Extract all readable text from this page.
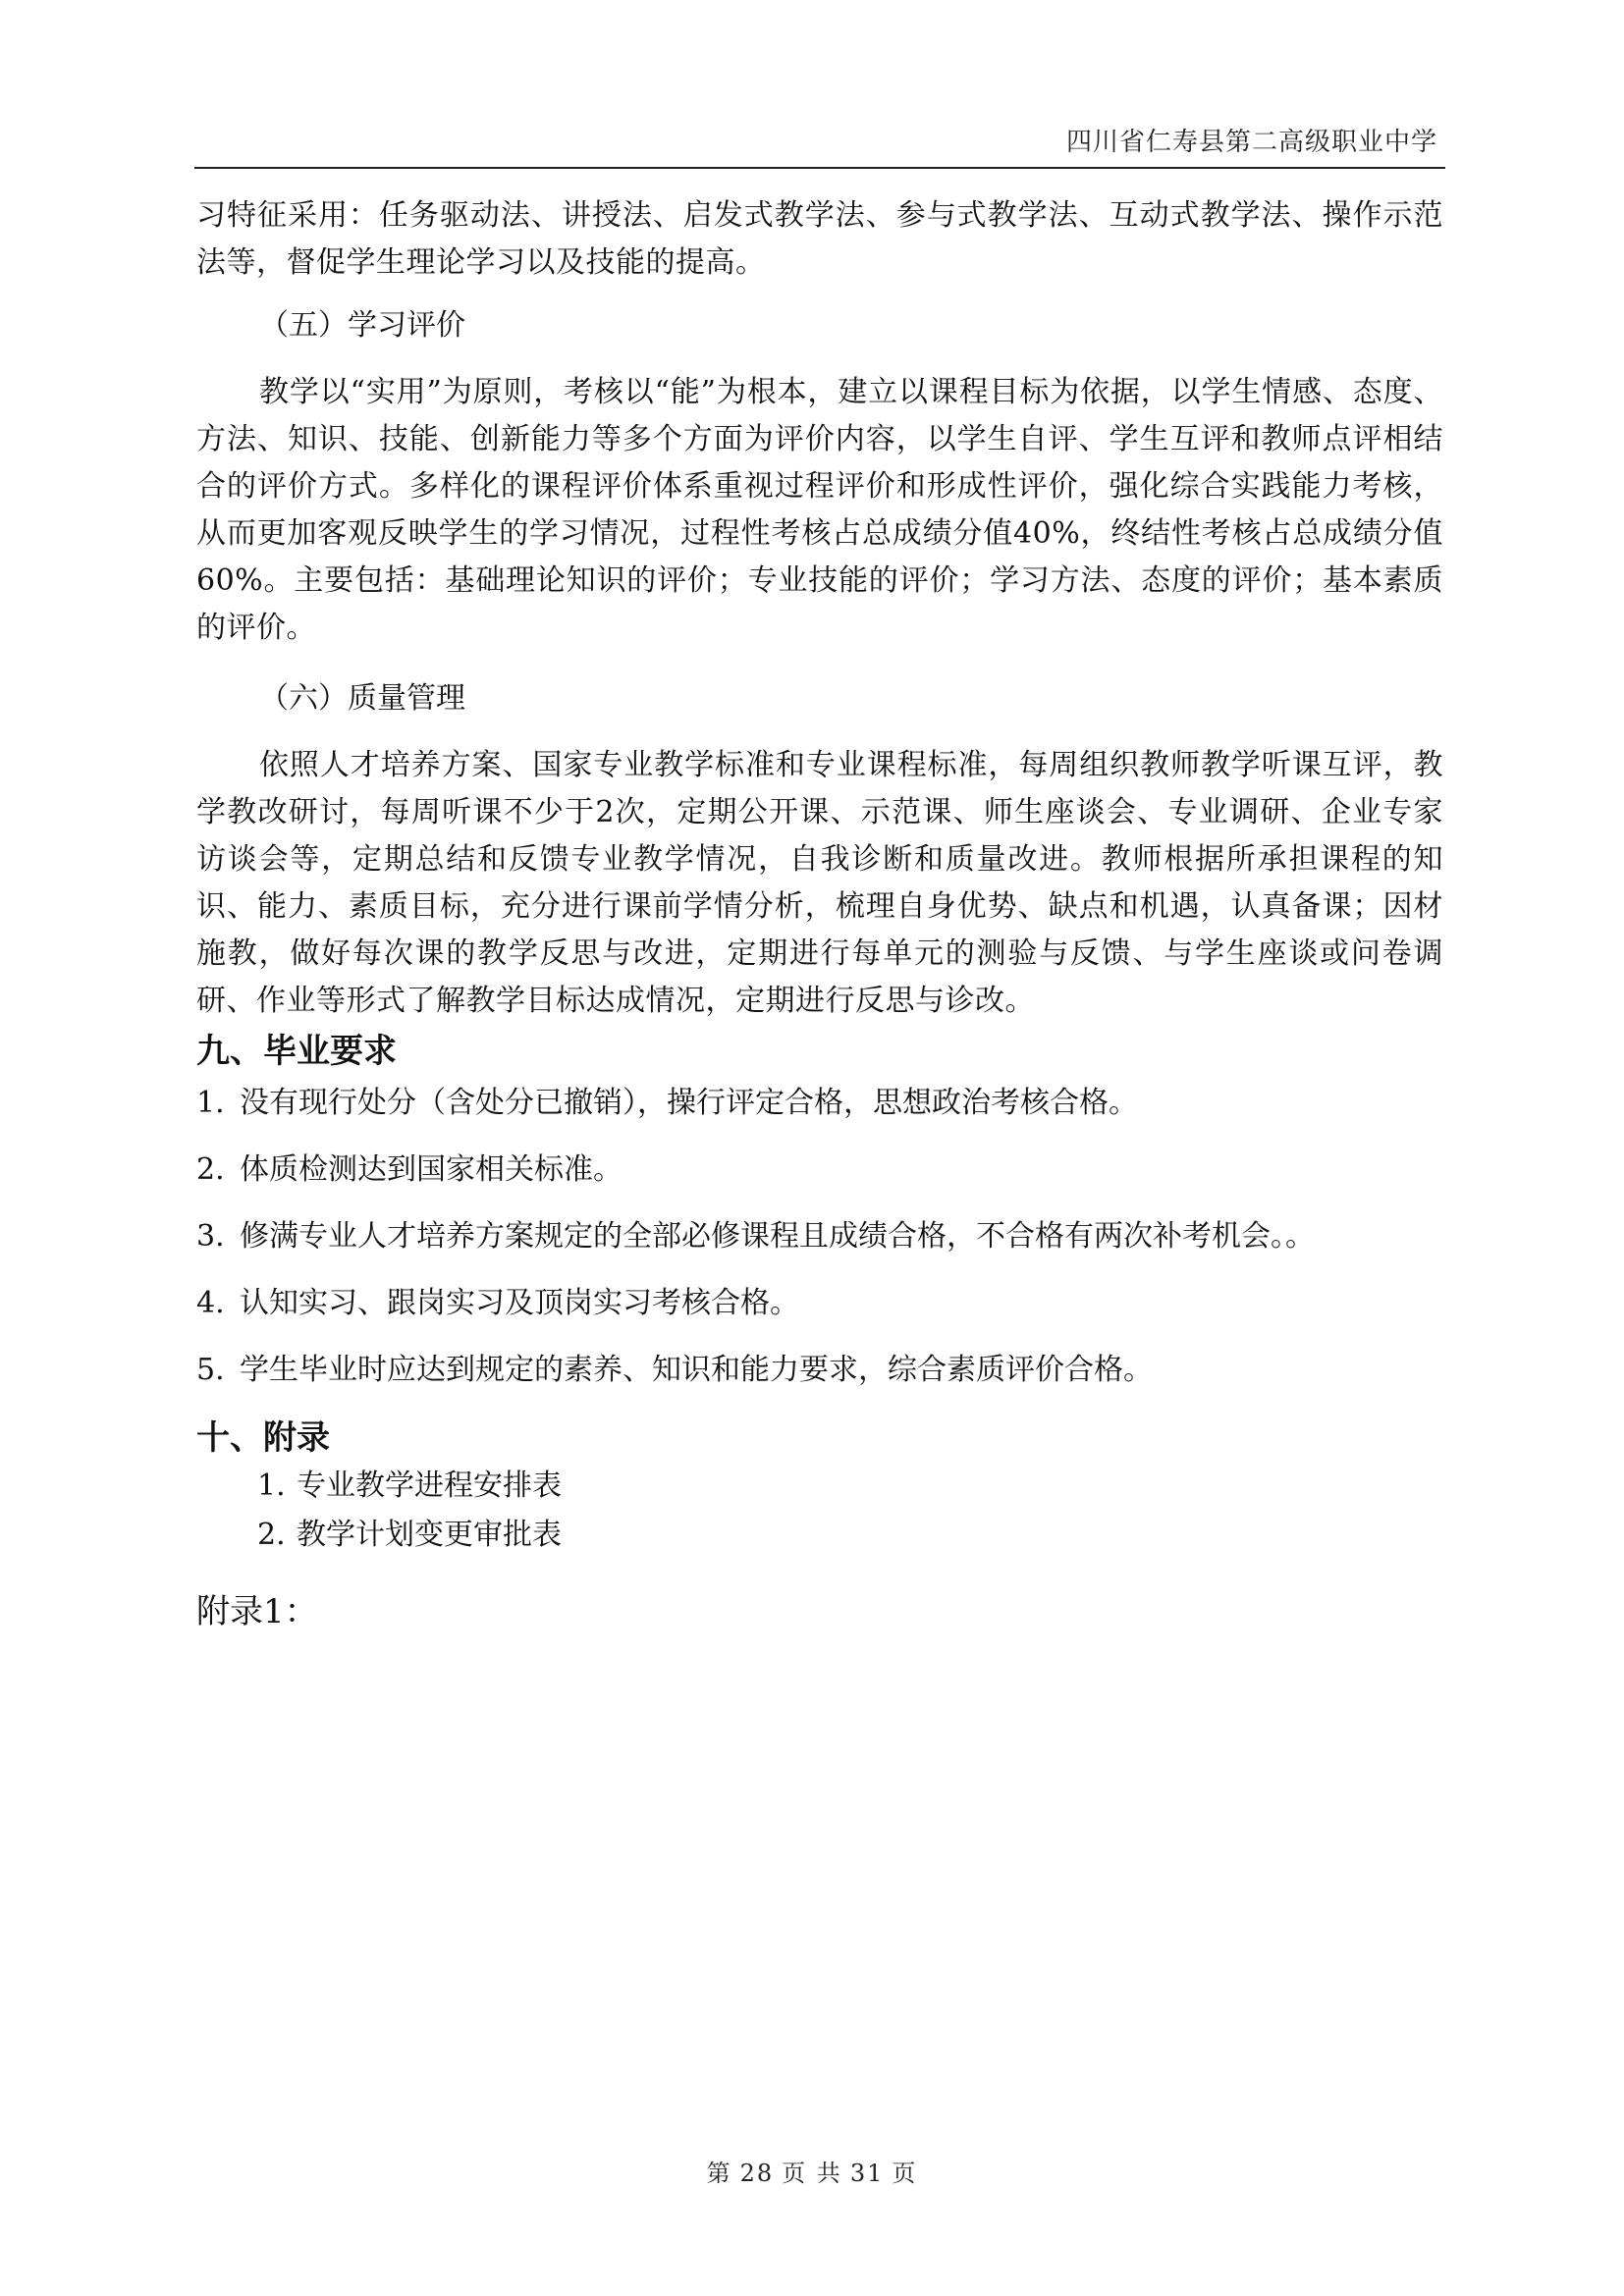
四川省仁寿县第二高级职业中学

习特征采用：任务驱动法、讲授法、启发式教学法、参与式教学法、互动式教学法、操作示范法等，督促学生理论学习以及技能的提高。

（五）学习评价

教学以“实用”为原则，考核以“能”为根本，建立以课程目标为依据，以学生情感、态度、方法、知识、技能、创新能力等多个方面为评价内容，以学生自评、学生互评和教师点评相结合的评价方式。多样化的课程评价体系重视过程评价和形成性评价，强化综合实践能力考核，从而更加客观反映学生的学习情况，过程性考核占总成绩分值40%，终结性考核占总成绩分值60%。主要包括：基础理论知识的评价；专业技能的评价；学习方法、态度的评价；基本素质的评价。

（六）质量管理

依照人才培养方案、国家专业教学标准和专业课程标准，每周组织教师教学听课互评，教学教改研讨，每周听课不少于2次，定期公开课、示范课、师生座谈会、专业调研、企业专家访谈会等，定期总结和反馈专业教学情况，自我诊断和质量改进。教师根据所承担课程的知识、能力、素质目标，充分进行课前学情分析，梳理自身优势、缺点和机遇，认真备课；因材施教，做好每次课的教学反思与改进，定期进行每单元的测验与反馈、与学生座谈或问卷调研、作业等形式了解教学目标达成情况，定期进行反思与诊改。

九、毕业要求
1. 没有现行处分（含处分已撤销），操行评定合格，思想政治考核合格。
2. 体质检测达到国家相关标准。
3. 修满专业人才培养方案规定的全部必修课程且成绩合格，不合格有两次补考机会。。
4. 认知实习、跟岗实习及顶岗实习考核合格。
5. 学生毕业时应达到规定的素养、知识和能力要求，综合素质评价合格。
十、附录
1. 专业教学进程安排表
2. 教学计划变更审批表
附录1：
第 28 页 共 31 页
